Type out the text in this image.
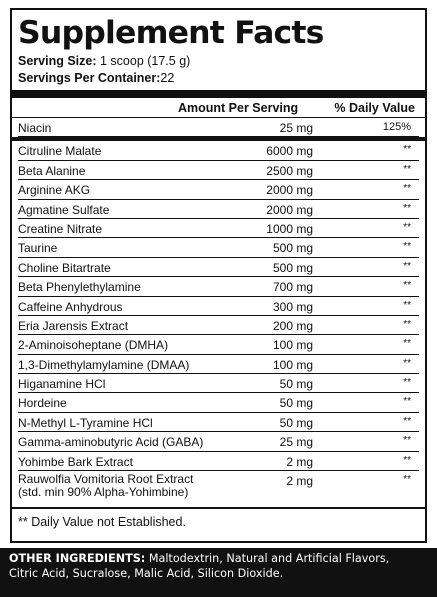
Supplement Facts
Serving Size: 1 scoop (17.5 g)
Servings Per Container:22
Amount Per Serving	% Daily Value
Niacin	25 mg	125%
Citruline Malate	6000 mg	**
Beta Alanine	2500 mg	**
Arginine AKG	2000 mg	**
Agmatine Sulfate	2000 mg	**
Creatine Nitrate	1000 mg	**
Taurine	500 mg	**
Choline Bitartrate	500 mg	**
Beta Phenylethylamine	700 mg	**
Caffeine Anhydrous	300 mg	**
Eria Jarensis Extract	200 mg	**
2-Aminoisoheptane (DMHA)	100 mg	**
1,3-Dimethylamylamine (DMAA)	100 mg	**
Higanamine HCl	50 mg	**
Hordeine	50 mg	**
N-Methyl L-Tyramine HCl	50 mg	**
Gamma-aminobutyric Acid (GABA)	25 mg	**
Yohimbe Bark Extract	2 mg	**
Rauwolfia Vomitoria Root Extract
(std. min 90% Alpha-Yohimbine)
2 mg	**
** Daily Value not Established.
OTHER INGREDIENTS: Maltodextrin, Natural and Artificial Flavors,
Citric Acid, Sucralose, Malic Acid, Silicon Dioxide.
